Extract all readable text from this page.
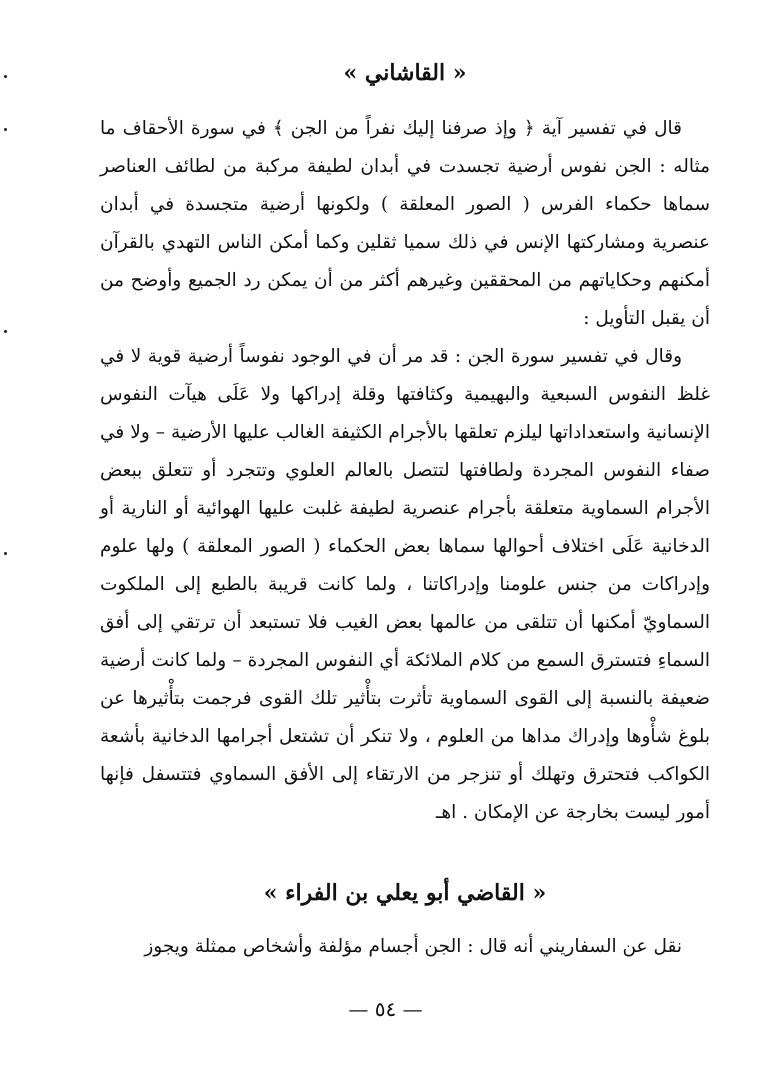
« القاشاني »

قال في تفسير آية ﴿ وإذ صرفنا إليك نفراً من الجن ﴾ في سورة الأحقاف ما مثاله : الجن نفوس أرضية تجسدت في أبدان لطيفة مركبة من لطائف العناصر سماها حكماء الفرس ( الصور المعلقة ) ولكونها أرضية متجسدة في أبدان عنصرية ومشاركتها الإنس في ذلك سميا ثقلين وكما أمكن الناس التهدي بالقرآن أمكنهم وحكاياتهم من المحققين وغيرهم أكثر من أن يمكن رد الجميع وأوضح من أن يقبل التأويل :

وقال في تفسير سورة الجن : قد مر أن في الوجود نفوساً أرضية قوية لا في غلظ النفوس السبعية والبهيمية وكثافتها وقلة إدراكها ولا عَلَى هيآت النفوس الإنسانية واستعداداتها ليلزم تعلقها بالأجرام الكثيفة الغالب عليها الأرضية – ولا في صفاء النفوس المجردة ولطافتها لتتصل بالعالم العلوي وتتجرد أو تتعلق ببعض الأجرام السماوية متعلقة بأجرام عنصرية لطيفة غلبت عليها الهوائية أو النارية أو الدخانية عَلَى اختلاف أحوالها سماها بعض الحكماء ( الصور المعلقة ) ولها علوم وإدراكات من جنس علومنا وإدراكاتنا ، ولما كانت قريبة بالطبع إلى الملكوت السماويّ أمكنها أن تتلقى من عالمها بعض الغيب فلا تستبعد أن ترتقي إلى أفق السماءِ فتسترق السمع من كلام الملائكة أي النفوس المجردة – ولما كانت أرضية ضعيفة بالنسبة إلى القوى السماوية تأثرت بتأْثير تلك القوى فرجمت بتأْثيرها عن بلوغ شأْوها وإدراك مداها من العلوم ، ولا تنكر أن تشتعل أجرامها الدخانية بأشعة الكواكب فتحترق وتهلك أو تنزجر من الارتقاء إلى الأفق السماوي فتتسفل فإنها أمور ليست بخارجة عن الإمكان . اهـ

« القاضي أبو يعلي بن الفراء »

نقل عن السفاريني أنه قال : الجن أجسام مؤلفة وأشخاص ممثلة ويجوز

— ٥٤ —
